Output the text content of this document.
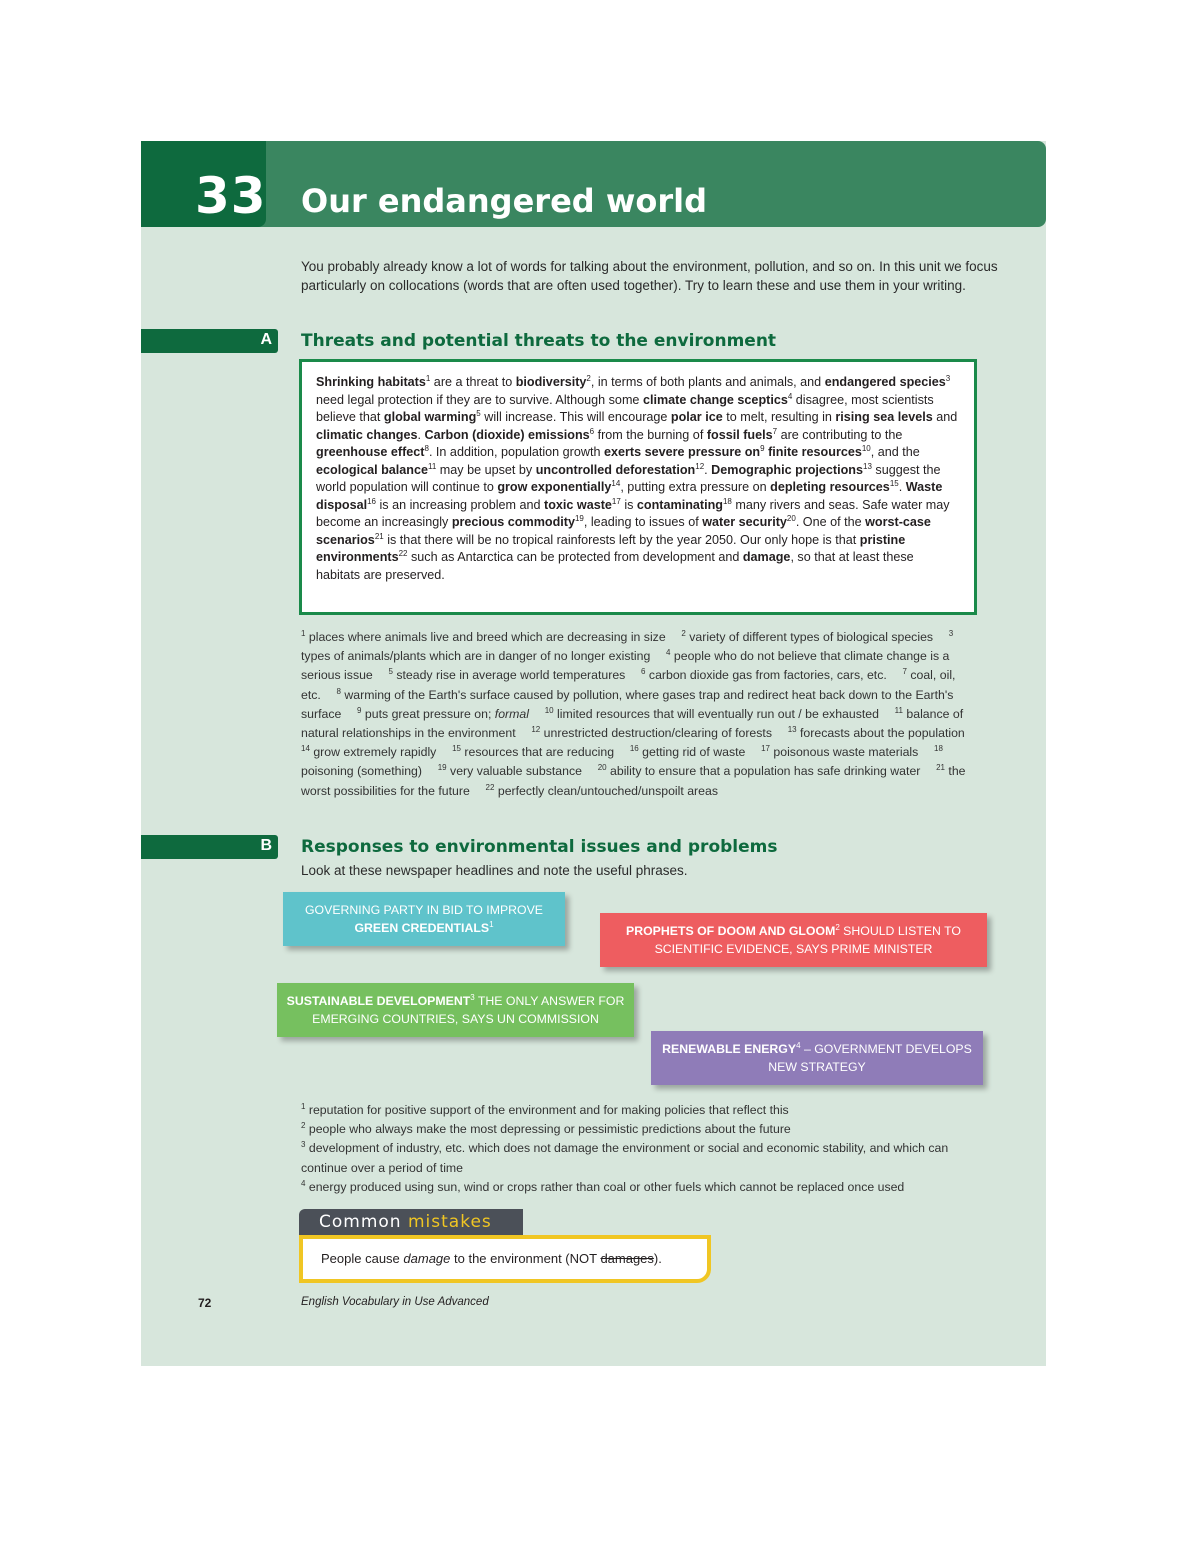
33 Our endangered world
You probably already know a lot of words for talking about the environment, pollution, and so on. In this unit we focus particularly on collocations (words that are often used together). Try to learn these and use them in your writing.
A Threats and potential threats to the environment
Shrinking habitats$^1$ are a threat to biodiversity$^2$, in terms of both plants and animals, and endangered species$^3$ need legal protection if they are to survive. Although some climate change sceptics$^4$ disagree, most scientists believe that global warming$^5$ will increase. This will encourage polar ice to melt, resulting in rising sea levels and climatic changes. Carbon (dioxide) emissions$^6$ from the burning of fossil fuels$^7$ are contributing to the greenhouse effect$^8$. In addition, population growth exerts severe pressure $on^9$ finite resources$^{10}$, and the ecological balance$^{11}$ may be upset by uncontrolled deforestation$^{12}$. Demographic projections$^{13}$ suggest the world population will continue to grow exponentially$^{14}$, putting extra pressure on depleting resources$^{15}$. Waste disposal$^{16}$ is an increasing problem and toxic waste$^{17}$ is contaminating$^{18}$ many rivers and seas. Safe water may become an increasingly precious commodity$^{19}$, leading to issues of water security$^{20}$. One of the worst-case scenarios$^{21}$ is that there will be no tropical rainforests left by the year 2050. Our only hope is that pristine environments$^{22}$ such as Antarctica can be protected from development and damage, so that at least these habitats are preserved.
$^1$ places where animals live and breed which are decreasing in size  $^2$ variety of different types of biological species  $^3$ types of animals/plants which are in danger of no longer existing  $^4$ people who do not believe that climate change is a serious issue  $^5$ steady rise in average world temperatures  $^6$ carbon dioxide gas from factories, cars, etc.  $^7$ coal, oil, etc.  $^8$ warming of the Earth's surface caused by pollution, where gases trap and redirect heat back down to the Earth's surface  $^9$ puts great pressure on; formal  $^{10}$ limited resources that will eventually run out / be exhausted  $^{11}$ balance of natural relationships in the environment  $^{12}$ unrestricted destruction/clearing of forests  $^{13}$ forecasts about the population  $^{14}$ grow extremely rapidly  $^{15}$ resources that are reducing  $^{16}$ getting rid of waste  $^{17}$ poisonous waste materials  $^{18}$ poisoning (something)  $^{19}$ very valuable substance  $^{20}$ ability to ensure that a population has safe drinking water  $^{21}$ the worst possibilities for the future  $^{22}$ perfectly clean/untouched/unspoilt areas
B Responses to environmental issues and problems
Look at these newspaper headlines and note the useful phrases.
GOVERNING PARTY IN BID TO IMPROVE
GREEN CREDENTIALS$^1$	PROPHETS OF DOOM AND GLOOM$^2$ SHOULD LISTEN TO SCIENTIFIC EVIDENCE, SAYS PRIME MINISTER
SUSTAINABLE DEVELOPMENT$^3$ THE ONLY ANSWER FOR EMERGING COUNTRIES, SAYS UN COMMISSION
RENEWABLE ENERGY$^4$ – GOVERNMENT DEVELOPS NEW STRATEGY
$^1$ reputation for positive support of the environment and for making policies that reflect this
$^2$ people who always make the most depressing or pessimistic predictions about the future
$^3$ development of industry, etc. which does not damage the environment or social and economic stability, and which can continue over a period of time
$^4$ energy produced using sun, wind or crops rather than coal or other fuels which cannot be replaced once used
Common mistakes
People cause damage to the environment (NOT damages).
72	English Vocabulary in Use Advanced
